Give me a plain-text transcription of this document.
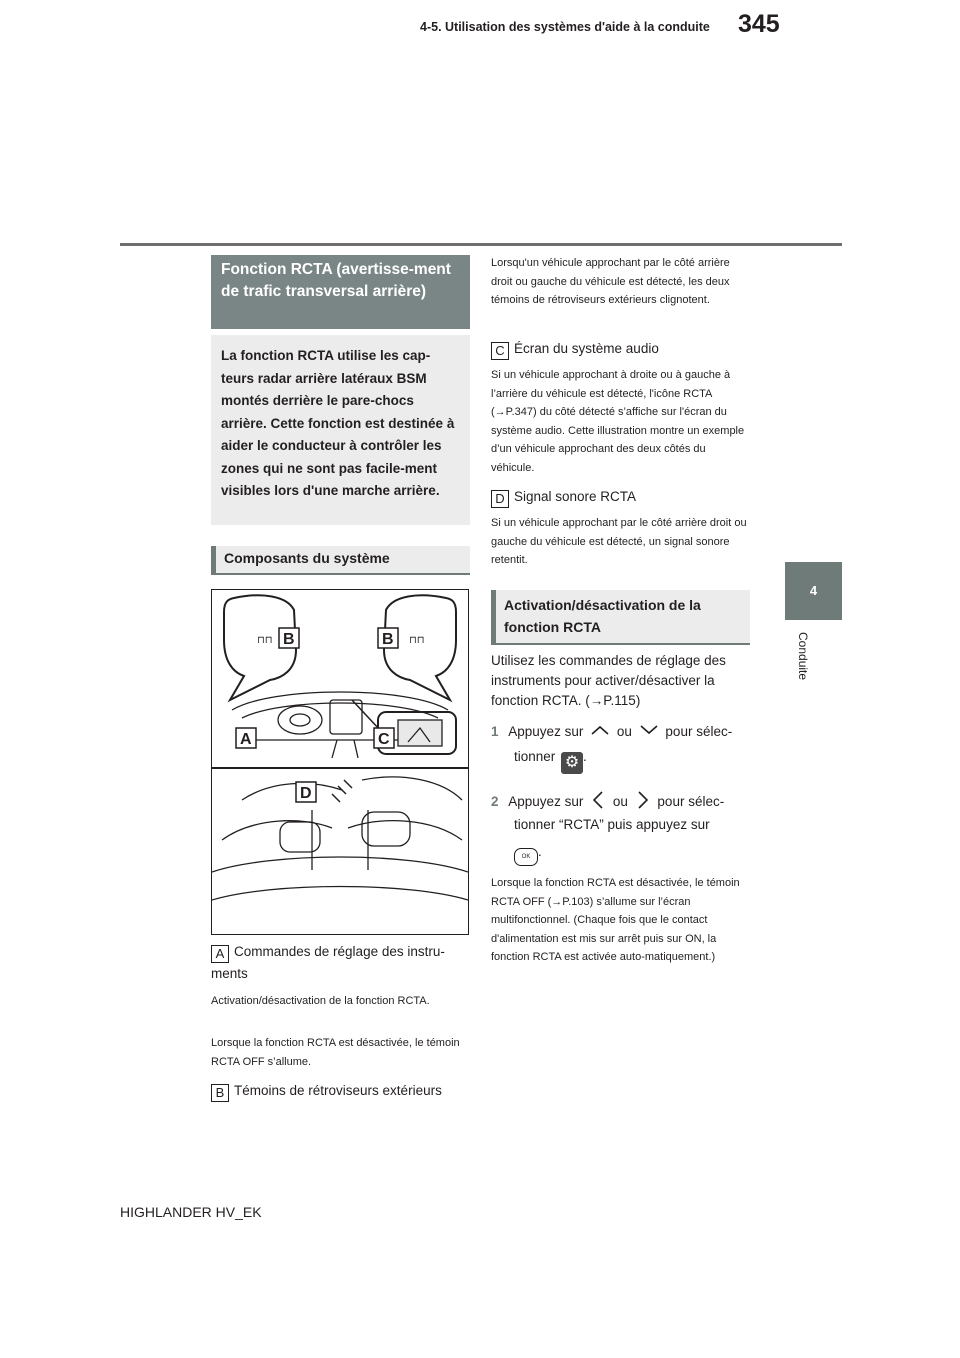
4-5. Utilisation des systèmes d'aide à la conduite 345
4
Conduite
Fonction RCTA (avertisse-ment de trafic transversal arrière)
La fonction RCTA utilise les cap-teurs radar arrière latéraux BSM montés derrière le pare-chocs arrière. Cette fonction est destinée à aider le conducteur à contrôler les zones qui ne sont pas facile-ment visibles lors d'une marche arrière.
Composants du système
⊓⊓	⊓⊓
B	B
A	C
D
A Commandes de réglage des instru-ments
Activation/désactivation de la fonction RCTA.
Lorsque la fonction RCTA est désactivée, le témoin RCTA OFF s’allume.
B Témoins de rétroviseurs extérieurs
Lorsqu'un véhicule approchant par le côté arrière droit ou gauche du véhicule est détecté, les deux témoins de rétroviseurs extérieurs clignotent.
C Écran du système audio
Si un véhicule approchant à droite ou à gauche à l’arrière du véhicule est détecté, l'icône RCTA (→P.347) du côté détecté s’affiche sur l'écran du système audio. Cette illustration montre un exemple d’un véhicule approchant des deux côtés du véhicule.
D Signal sonore RCTA
Si un véhicule approchant par le côté arrière droit ou gauche du véhicule est détecté, un signal sonore retentit.
Activation/désactivation de la fonction RCTA
Utilisez les commandes de réglage des instruments pour activer/désactiver la fonction RCTA. (→P.115)
1 Appuyez sur ou pour sélec-
tionner ⚙ .
2 Appuyez sur ou pour sélec-
tionner “RCTA” puis appuyez sur
OK .
Lorsque la fonction RCTA est désactivée, le témoin RCTA OFF (→P.103) s’allume sur l’écran multifonctionnel. (Chaque fois que le contact d'alimentation est mis sur arrêt puis sur ON, la fonction RCTA est activée auto-matiquement.)
HIGHLANDER HV_EK
